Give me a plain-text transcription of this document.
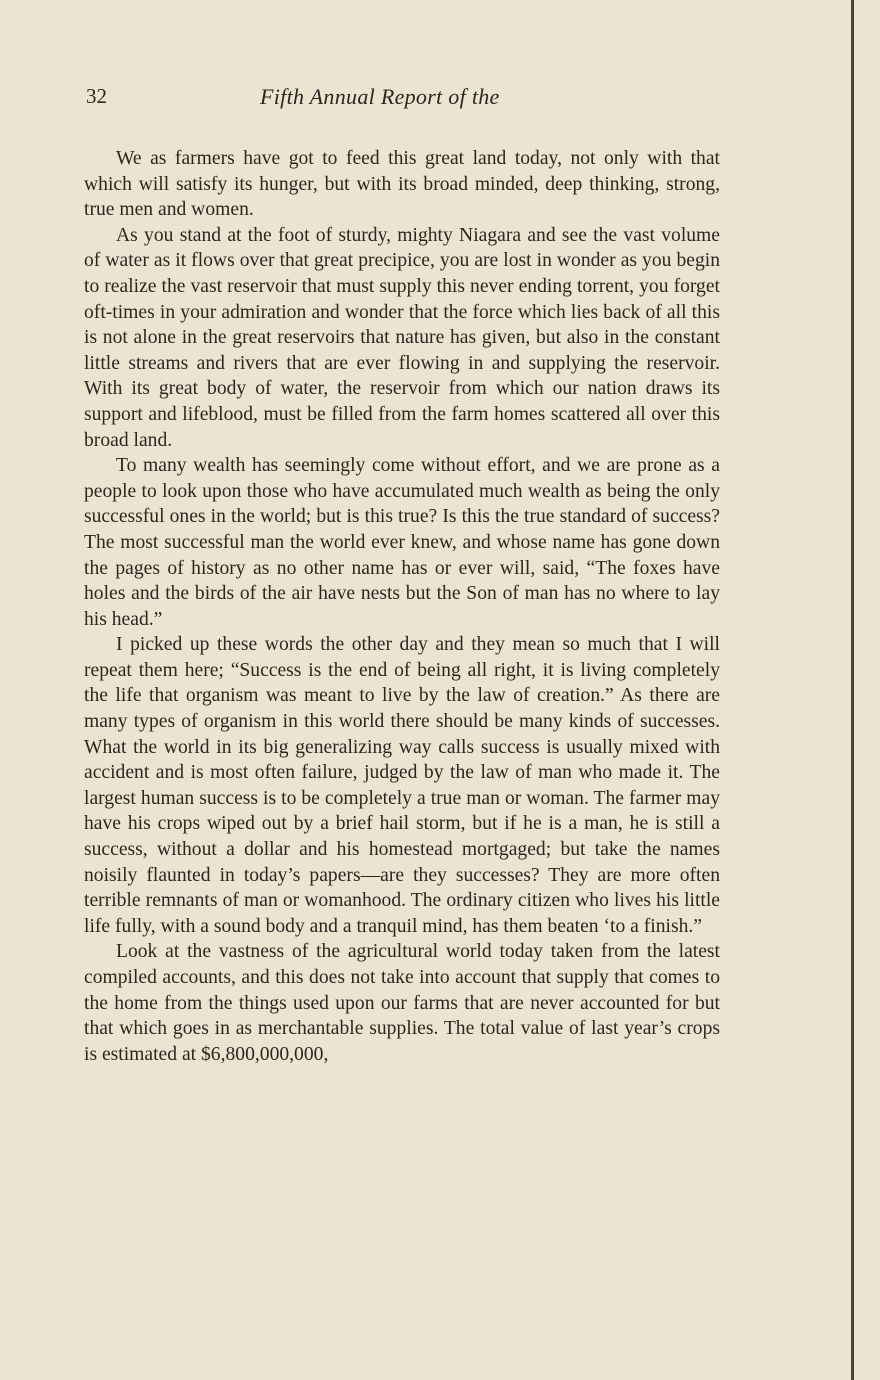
32	Fifth Annual Report of the

We as farmers have got to feed this great land today, not only with that which will satisfy its hunger, but with its broad minded, deep thinking, strong, true men and women.

As you stand at the foot of sturdy, mighty Niagara and see the vast volume of water as it flows over that great precipice, you are lost in wonder as you begin to realize the vast reservoir that must supply this never ending torrent, you forget oft-times in your admiration and wonder that the force which lies back of all this is not alone in the great reservoirs that nature has given, but also in the constant little streams and rivers that are ever flowing in and supplying the reservoir. With its great body of water, the reservoir from which our nation draws its support and lifeblood, must be filled from the farm homes scattered all over this broad land.

To many wealth has seemingly come without effort, and we are prone as a people to look upon those who have accumulated much wealth as being the only successful ones in the world; but is this true? Is this the true standard of success? The most successful man the world ever knew, and whose name has gone down the pages of history as no other name has or ever will, said, “The foxes have holes and the birds of the air have nests but the Son of man has no where to lay his head.”

I picked up these words the other day and they mean so much that I will repeat them here; “Success is the end of being all right, it is living completely the life that organism was meant to live by the law of creation.” As there are many types of organism in this world there should be many kinds of successes. What the world in its big generalizing way calls success is usually mixed with accident and is most often failure, judged by the law of man who made it. The largest human success is to be completely a true man or woman. The farmer may have his crops wiped out by a brief hail storm, but if he is a man, he is still a success, without a dollar and his homestead mortgaged; but take the names noisily flaunted in today’s papers—are they successes? They are more often terrible remnants of man or womanhood. The ordinary citizen who lives his little life fully, with a sound body and a tranquil mind, has them beaten ‘to a finish.”

Look at the vastness of the agricultural world today taken from the latest compiled accounts, and this does not take into account that supply that comes to the home from the things used upon our farms that are never accounted for but that which goes in as merchantable supplies. The total value of last year’s crops is estimated at $6,800,000,000,
